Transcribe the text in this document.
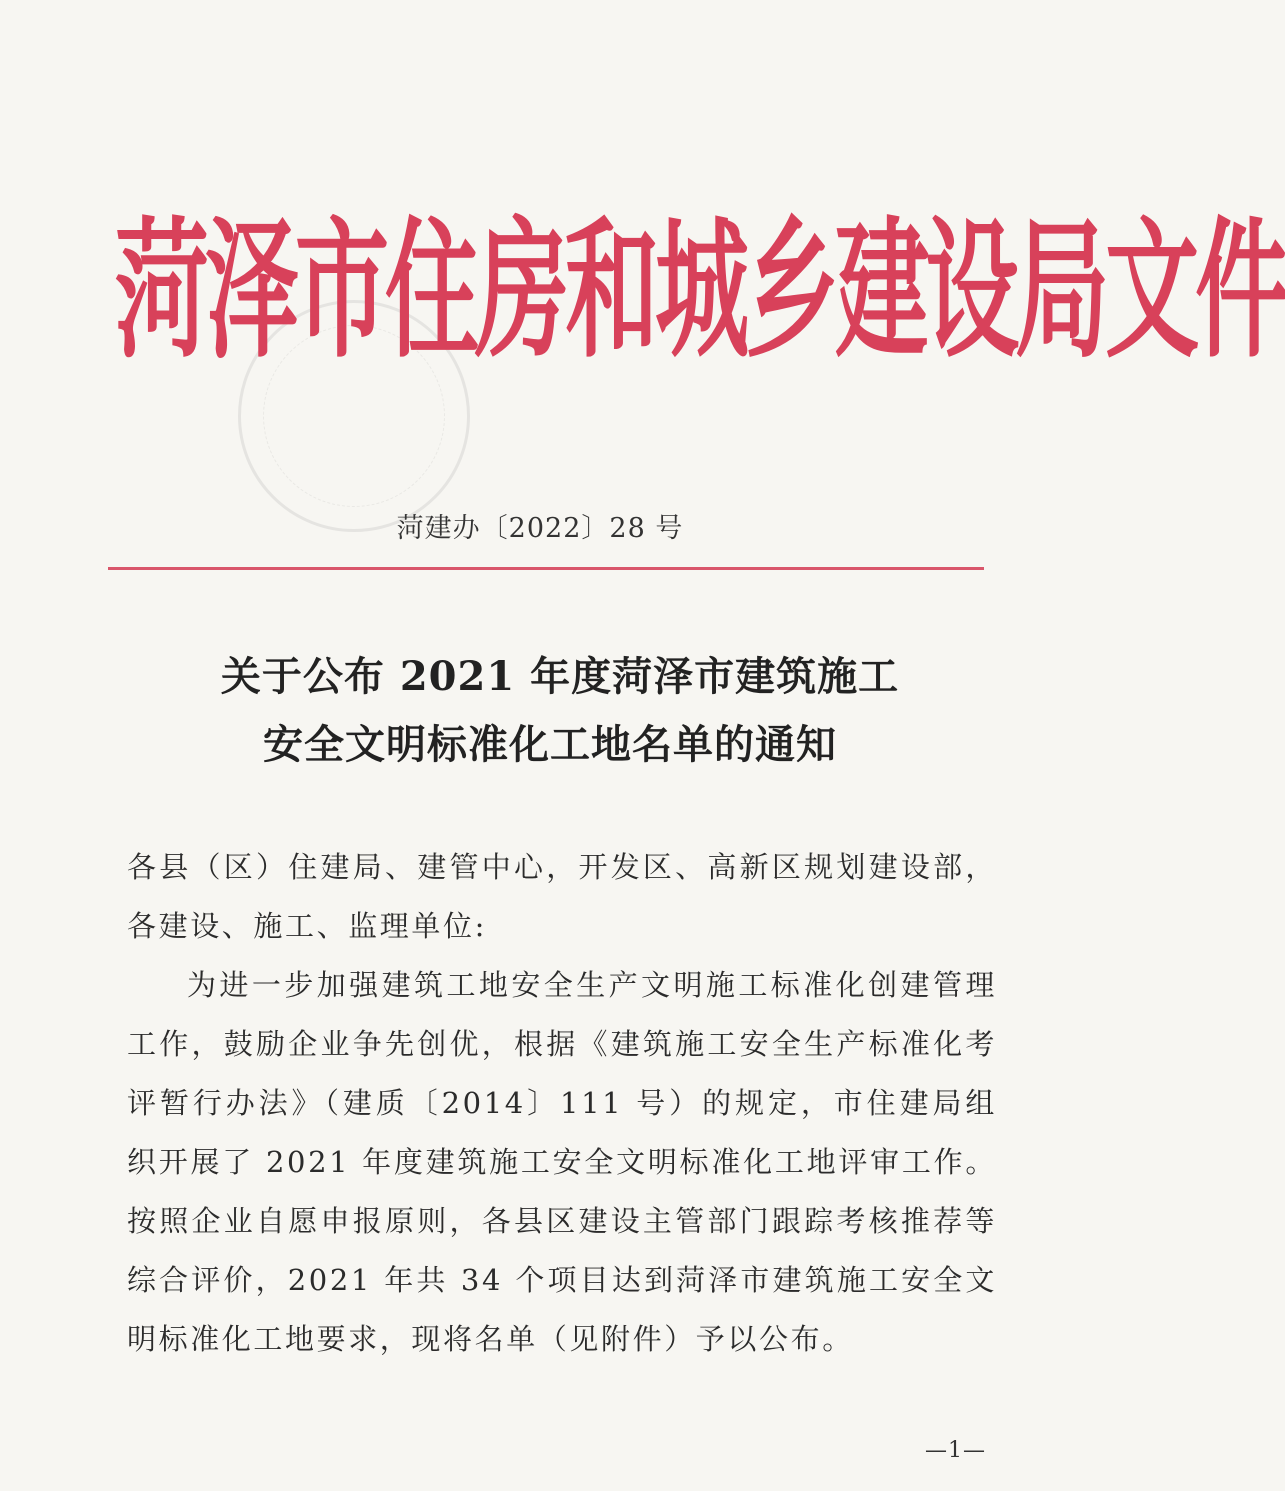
菏 泽 市 住 房 和 城 乡 建 设 局 文 件
菏建办〔2022〕28 号
关于公布 2021 年度菏泽市建筑施工
安全文明标准化工地名单的通知

各县（区）住建局、建管中心，开发区、高新区规划建设部，各建设、施工、监理单位:

为进一步加强建筑工地安全生产文明施工标准化创建管理工作，鼓励企业争先创优，根据《建筑施工安全生产标准化考评暂行办法》（建质〔2014〕111 号）的规定，市住建局组织开展了 2021 年度建筑施工安全文明标准化工地评审工作。按照企业自愿申报原则，各县区建设主管部门跟踪考核推荐等综合评价，2021 年共 34 个项目达到菏泽市建筑施工安全文明标准化工地要求，现将名单（见附件）予以公布。

—1—
